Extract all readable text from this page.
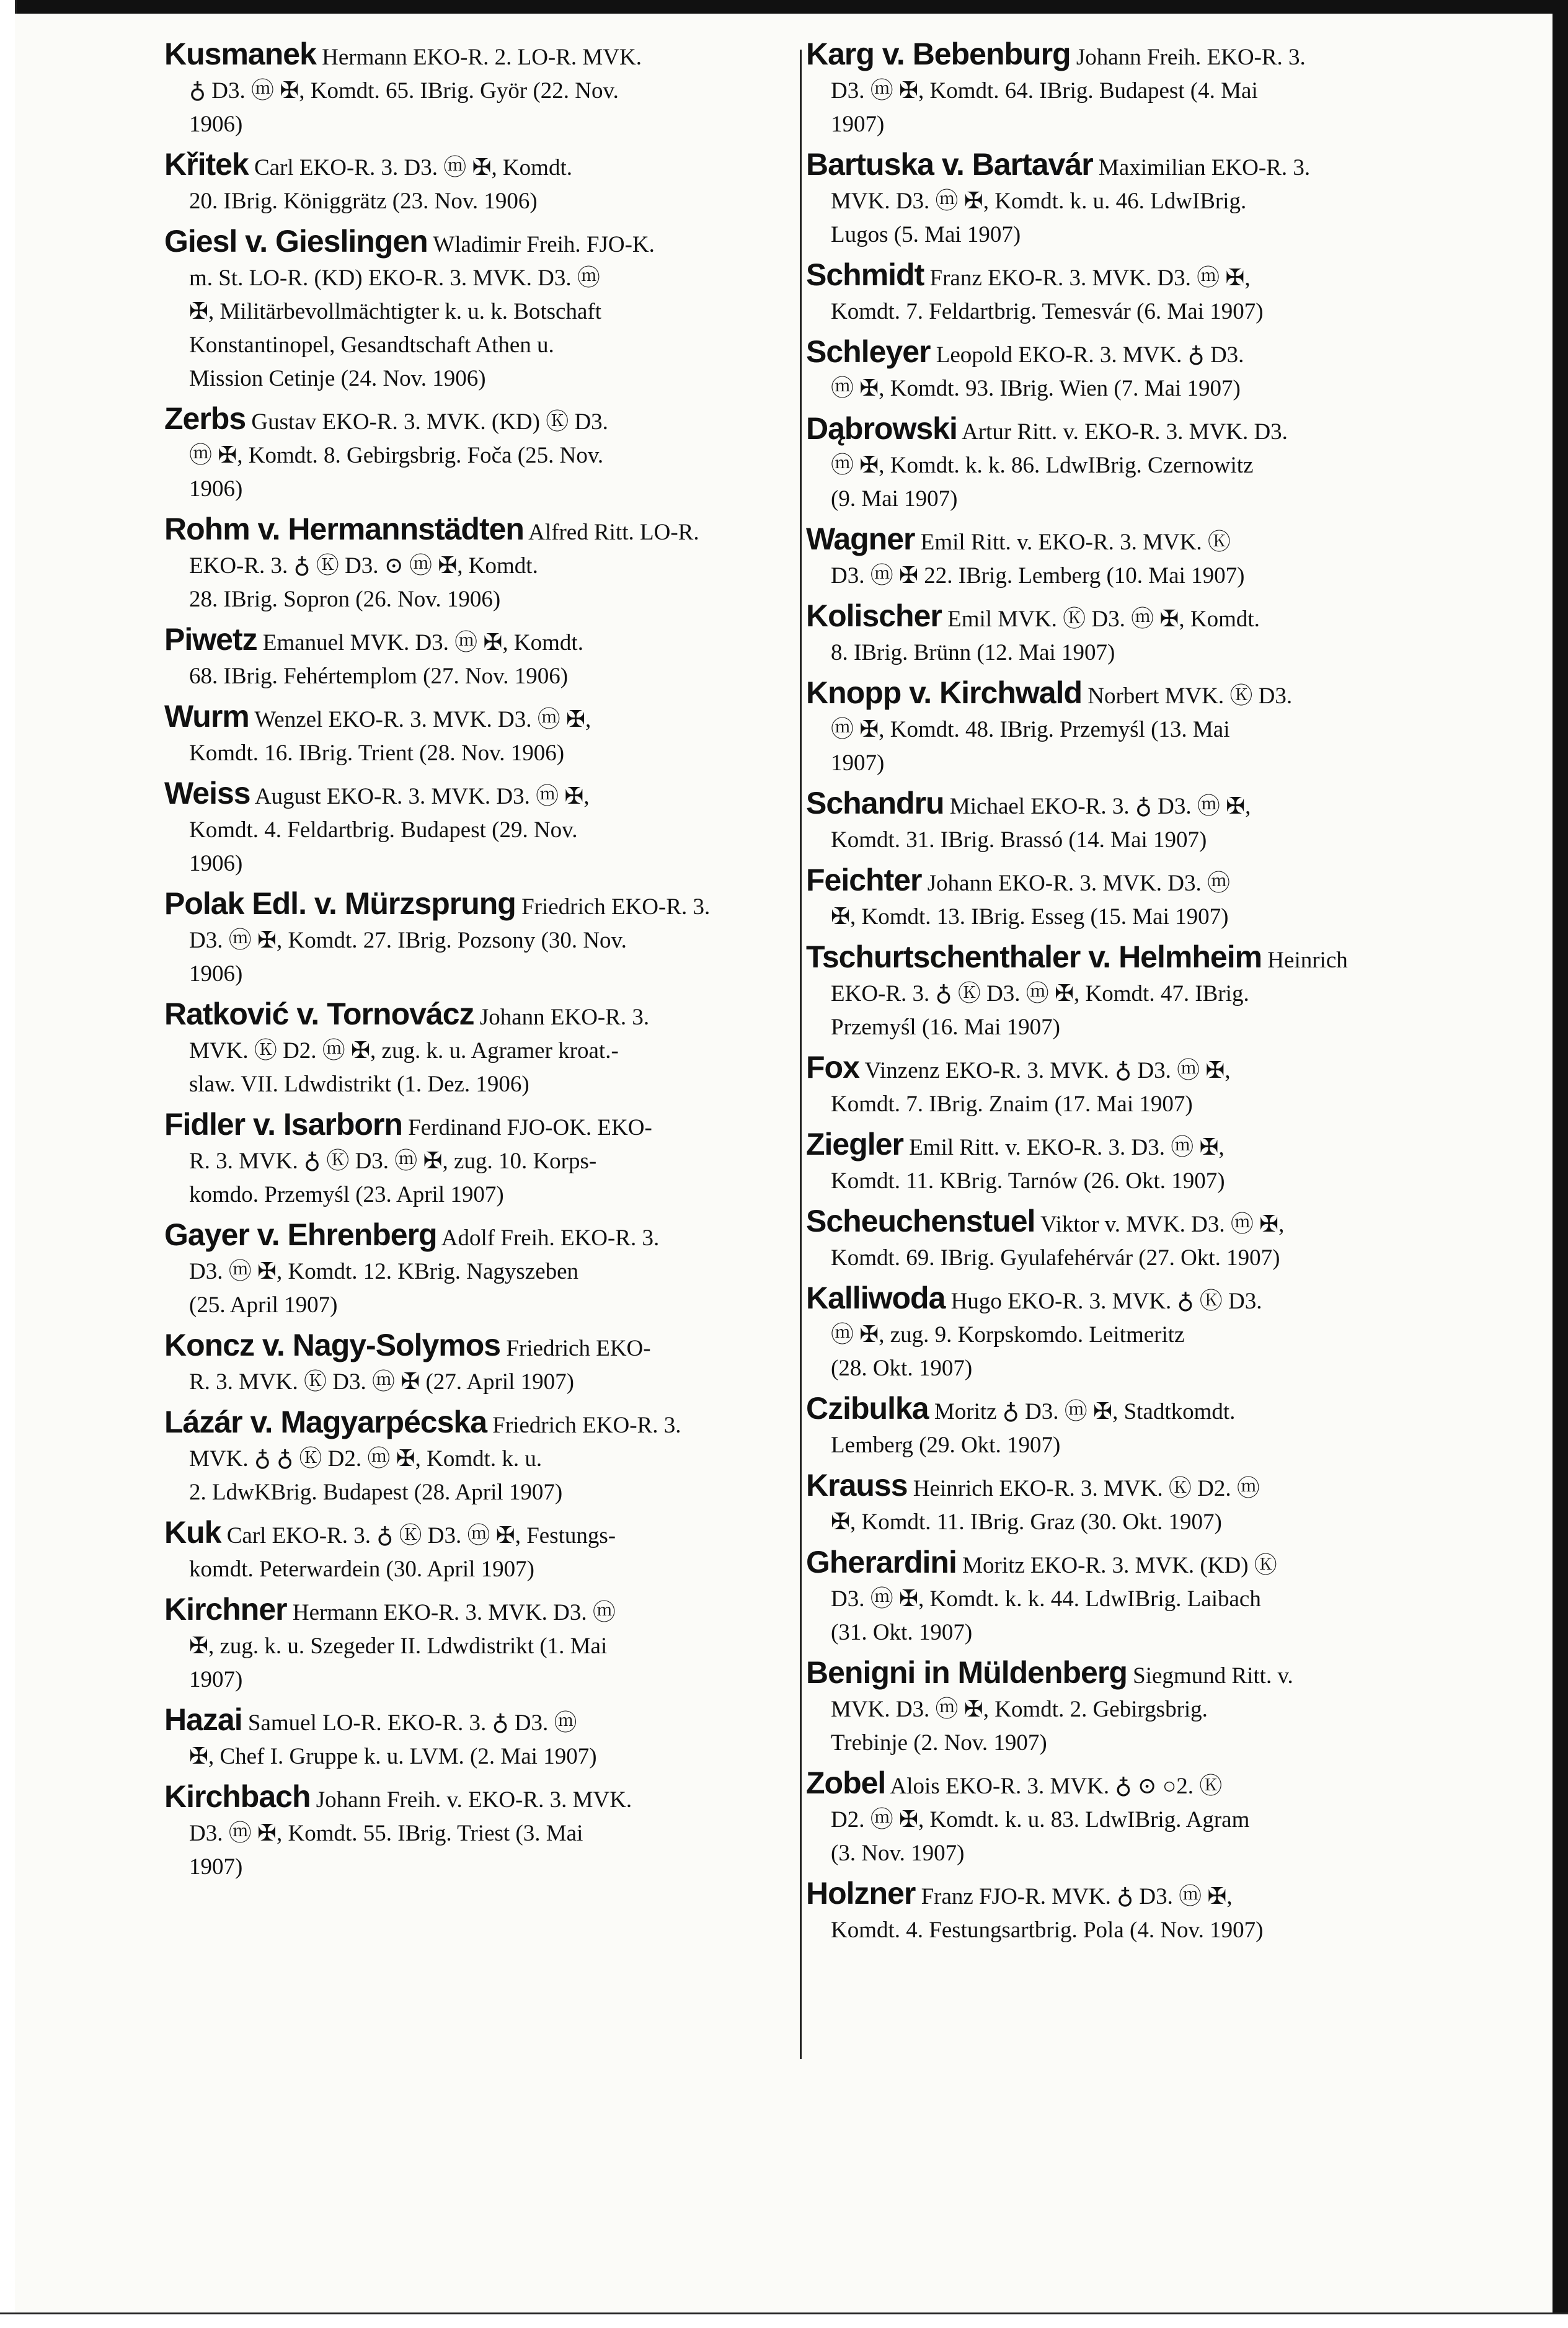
Kusmanek Hermann EKO-R. 2. LO-R. MVK.
♁ D3. ⓜ ✠, Komdt. 65. IBrig. Györ (22. Nov.
1906)
Křitek Carl EKO-R. 3. D3. ⓜ ✠, Komdt.
20. IBrig. Königgrätz (23. Nov. 1906)
Giesl v. Gieslingen Wladimir Freih. FJO-K.
m. St. LO-R. (KD) EKO-R. 3. MVK. D3. ⓜ
✠, Militärbevollmächtigter k. u. k. Botschaft
Konstantinopel, Gesandtschaft Athen u.
Mission Cetinje (24. Nov. 1906)
Zerbs Gustav EKO-R. 3. MVK. (KD) Ⓚ D3.
ⓜ ✠, Komdt. 8. Gebirgsbrig. Foča (25. Nov.
1906)
Rohm v. Hermannstädten Alfred Ritt. LO-R.
EKO-R. 3. ♁ Ⓚ D3. ⊙ ⓜ ✠, Komdt.
28. IBrig. Sopron (26. Nov. 1906)
Piwetz Emanuel MVK. D3. ⓜ ✠, Komdt.
68. IBrig. Fehértemplom (27. Nov. 1906)
Wurm Wenzel EKO-R. 3. MVK. D3. ⓜ ✠,
Komdt. 16. IBrig. Trient (28. Nov. 1906)
Weiss August EKO-R. 3. MVK. D3. ⓜ ✠,
Komdt. 4. Feldartbrig. Budapest (29. Nov.
1906)
Polak Edl. v. Mürzsprung Friedrich EKO-R. 3.
D3. ⓜ ✠, Komdt. 27. IBrig. Pozsony (30. Nov.
1906)
Ratković v. Tornovácz Johann EKO-R. 3.
MVK. Ⓚ D2. ⓜ ✠, zug. k. u. Agramer kroat.-
slaw. VII. Ldwdistrikt (1. Dez. 1906)
Fidler v. Isarborn Ferdinand FJO-OK. EKO-
R. 3. MVK. ♁ Ⓚ D3. ⓜ ✠, zug. 10. Korps-
komdo. Przemyśl (23. April 1907)
Gayer v. Ehrenberg Adolf Freih. EKO-R. 3.
D3. ⓜ ✠, Komdt. 12. KBrig. Nagyszeben
(25. April 1907)
Koncz v. Nagy-Solymos Friedrich EKO-
R. 3. MVK. Ⓚ D3. ⓜ ✠ (27. April 1907)
Lázár v. Magyarpécska Friedrich EKO-R. 3.
MVK. ♁ ♁ Ⓚ D2. ⓜ ✠, Komdt. k. u.
2. LdwKBrig. Budapest (28. April 1907)
Kuk Carl EKO-R. 3. ♁ Ⓚ D3. ⓜ ✠, Festungs-
komdt. Peterwardein (30. April 1907)
Kirchner Hermann EKO-R. 3. MVK. D3. ⓜ
✠, zug. k. u. Szegeder II. Ldwdistrikt (1. Mai
1907)
Hazai Samuel LO-R. EKO-R. 3. ♁ D3. ⓜ
✠, Chef I. Gruppe k. u. LVM. (2. Mai 1907)
Kirchbach Johann Freih. v. EKO-R. 3. MVK.
D3. ⓜ ✠, Komdt. 55. IBrig. Triest (3. Mai
1907)
Karg v. Bebenburg Johann Freih. EKO-R. 3.
D3. ⓜ ✠, Komdt. 64. IBrig. Budapest (4. Mai
1907)
Bartuska v. Bartavár Maximilian EKO-R. 3.
MVK. D3. ⓜ ✠, Komdt. k. u. 46. LdwIBrig.
Lugos (5. Mai 1907)
Schmidt Franz EKO-R. 3. MVK. D3. ⓜ ✠,
Komdt. 7. Feldartbrig. Temesvár (6. Mai 1907)
Schleyer Leopold EKO-R. 3. MVK. ♁ D3.
ⓜ ✠, Komdt. 93. IBrig. Wien (7. Mai 1907)
Dąbrowski Artur Ritt. v. EKO-R. 3. MVK. D3.
ⓜ ✠, Komdt. k. k. 86. LdwIBrig. Czernowitz
(9. Mai 1907)
Wagner Emil Ritt. v. EKO-R. 3. MVK. Ⓚ
D3. ⓜ ✠ 22. IBrig. Lemberg (10. Mai 1907)
Kolischer Emil MVK. Ⓚ D3. ⓜ ✠, Komdt.
8. IBrig. Brünn (12. Mai 1907)
Knopp v. Kirchwald Norbert MVK. Ⓚ D3.
ⓜ ✠, Komdt. 48. IBrig. Przemyśl (13. Mai
1907)
Schandru Michael EKO-R. 3. ♁ D3. ⓜ ✠,
Komdt. 31. IBrig. Brassó (14. Mai 1907)
Feichter Johann EKO-R. 3. MVK. D3. ⓜ
✠, Komdt. 13. IBrig. Esseg (15. Mai 1907)
Tschurtschenthaler v. Helmheim Heinrich
EKO-R. 3. ♁ Ⓚ D3. ⓜ ✠, Komdt. 47. IBrig.
Przemyśl (16. Mai 1907)
Fox Vinzenz EKO-R. 3. MVK. ♁ D3. ⓜ ✠,
Komdt. 7. IBrig. Znaim (17. Mai 1907)
Ziegler Emil Ritt. v. EKO-R. 3. D3. ⓜ ✠,
Komdt. 11. KBrig. Tarnów (26. Okt. 1907)
Scheuchenstuel Viktor v. MVK. D3. ⓜ ✠,
Komdt. 69. IBrig. Gyulafehérvár (27. Okt. 1907)
Kalliwoda Hugo EKO-R. 3. MVK. ♁ Ⓚ D3.
ⓜ ✠, zug. 9. Korpskomdo. Leitmeritz
(28. Okt. 1907)
Czibulka Moritz ♁ D3. ⓜ ✠, Stadtkomdt.
Lemberg (29. Okt. 1907)
Krauss Heinrich EKO-R. 3. MVK. Ⓚ D2. ⓜ
✠, Komdt. 11. IBrig. Graz (30. Okt. 1907)
Gherardini Moritz EKO-R. 3. MVK. (KD) Ⓚ
D3. ⓜ ✠, Komdt. k. k. 44. LdwIBrig. Laibach
(31. Okt. 1907)
Benigni in Müldenberg Siegmund Ritt. v.
MVK. D3. ⓜ ✠, Komdt. 2. Gebirgsbrig.
Trebinje (2. Nov. 1907)
Zobel Alois EKO-R. 3. MVK. ♁ ⊙ ○2. Ⓚ
D2. ⓜ ✠, Komdt. k. u. 83. LdwIBrig. Agram
(3. Nov. 1907)
Holzner Franz FJO-R. MVK. ♁ D3. ⓜ ✠,
Komdt. 4. Festungsartbrig. Pola (4. Nov. 1907)
